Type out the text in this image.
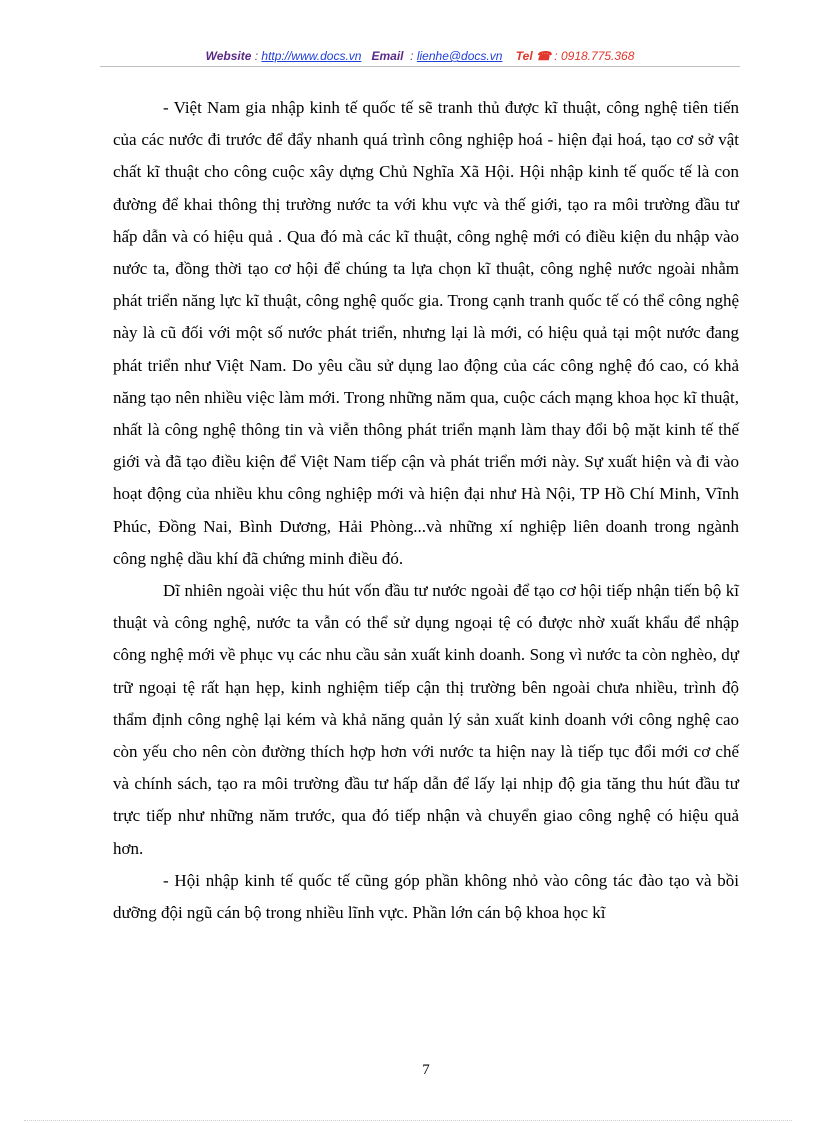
Website : http://www.docs.vn Email  : lienhe@docs.vn Tel ☎ : 0918.775.368

- Việt Nam gia nhập kinh tế quốc tế sẽ tranh thủ được kĩ thuật, công nghệ tiên tiến của các nước đi trước để đẩy nhanh quá trình công nghiệp hoá - hiện đại hoá, tạo cơ sở vật chất kĩ thuật cho công cuộc xây dựng Chủ Nghĩa Xã Hội. Hội nhập kinh tế quốc tế là con đường để khai thông thị trường nước ta với khu vực và thế giới, tạo ra môi trường đầu tư hấp dẫn và có hiệu quả . Qua đó mà các kĩ thuật, công nghệ mới có điều kiện du nhập vào nước ta, đồng thời tạo cơ hội để chúng ta lựa chọn kĩ thuật, công nghệ nước ngoài nhằm phát triển năng lực kĩ thuật, công nghệ quốc gia. Trong cạnh tranh quốc tế có thể công nghệ này là cũ đối với một số nước phát triển, nhưng lại là mới, có hiệu quả tại một nước đang phát triển như Việt Nam. Do yêu cầu sử dụng lao động của các công nghệ đó cao, có khả năng tạo nên nhiều việc làm mới. Trong những năm qua, cuộc cách mạng khoa học kĩ thuật, nhất là công nghệ thông tin và viễn thông phát triển mạnh làm thay đổi bộ mặt kinh tế thế giới và đã tạo điều kiện để Việt Nam tiếp cận và phát triển mới này. Sự xuất hiện và đi vào hoạt động của nhiều khu công nghiệp mới và hiện đại như Hà Nội, TP Hồ Chí Minh, Vĩnh Phúc, Đồng Nai, Bình Dương, Hải Phòng...và những xí nghiệp liên doanh trong ngành công nghệ dầu khí đã chứng minh điều đó.

Dĩ nhiên ngoài việc thu hút vốn đầu tư nước ngoài để tạo cơ hội tiếp nhận tiến bộ kĩ thuật và công nghệ, nước ta vẫn có thể sử dụng ngoại tệ có được nhờ xuất khẩu để nhập công nghệ mới về phục vụ các nhu cầu sản xuất kinh doanh. Song vì nước ta còn nghèo, dự trữ ngoại tệ rất hạn hẹp, kinh nghiệm tiếp cận thị trường bên ngoài chưa nhiều, trình độ thẩm định công nghệ lại kém và khả năng quản lý sản xuất kinh doanh với công nghệ cao còn yếu cho nên còn đường thích hợp hơn với nước ta hiện nay là tiếp tục đổi mới cơ chế và chính sách, tạo ra môi trường đầu tư hấp dẫn để lấy lại nhịp độ gia tăng thu hút đầu tư trực tiếp như những năm trước, qua đó tiếp nhận và chuyển giao công nghệ có hiệu quả hơn.

- Hội nhập kinh tế quốc tế cũng góp phần không nhỏ vào công tác đào tạo và bồi dưỡng đội ngũ cán bộ trong nhiều lĩnh vực. Phần lớn cán bộ khoa học kĩ

7
